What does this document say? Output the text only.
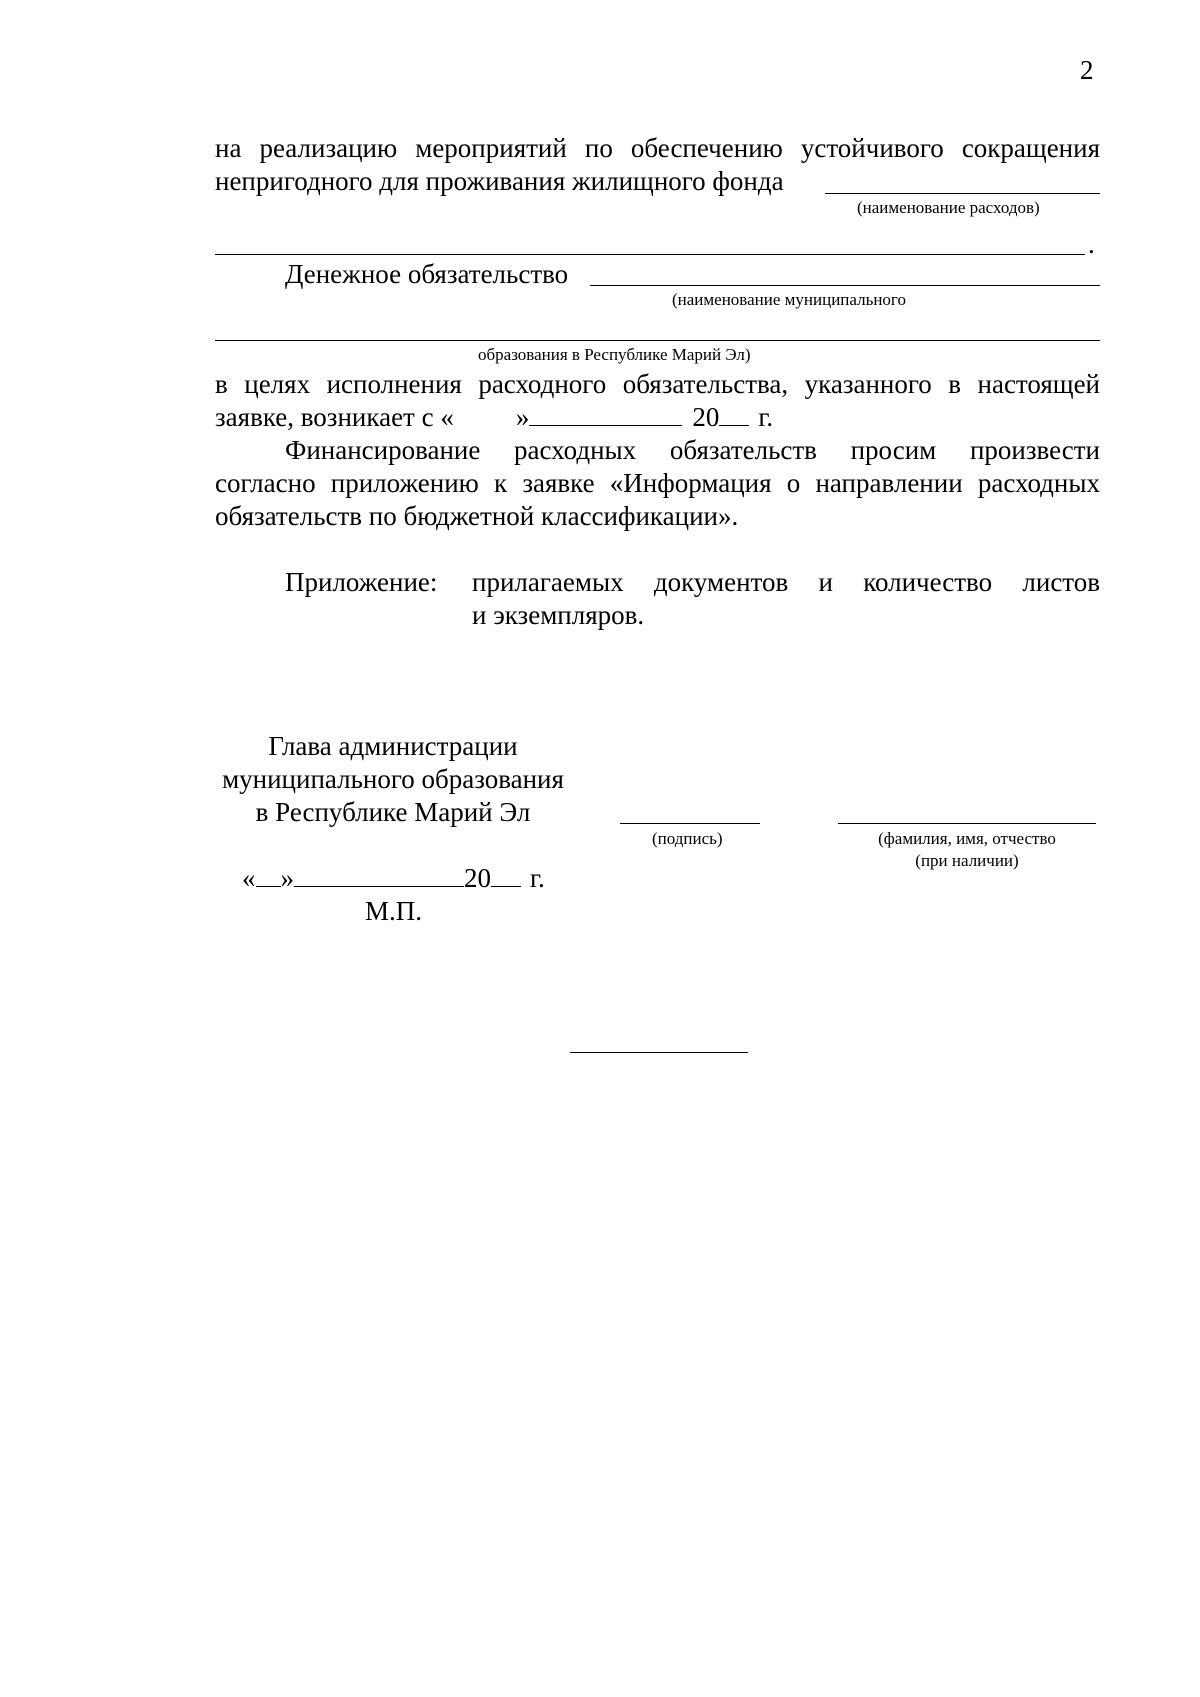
2
на реализацию мероприятий по обеспечению устойчивого сокращения
непригодного для проживания жилищного фонда
(наименование расходов)
.
Денежное обязательство
(наименование муниципального
образования в Республике Марий Эл)
в целях исполнения расходного обязательства, указанного в настоящей
заявке, возникает с « »	20 г.
Финансирование расходных обязательств просим произвести
согласно приложению к заявке «Информация о направлении расходных
обязательств по бюджетной классификации».
Приложение: прилагаемых документов и количество листов
и экземпляров.
Глава администрации
муниципального образования
в Республике Марий Эл
(подпись)	(фамилия, имя, отчество
(при наличии)
« »	20 г.
М.П.
